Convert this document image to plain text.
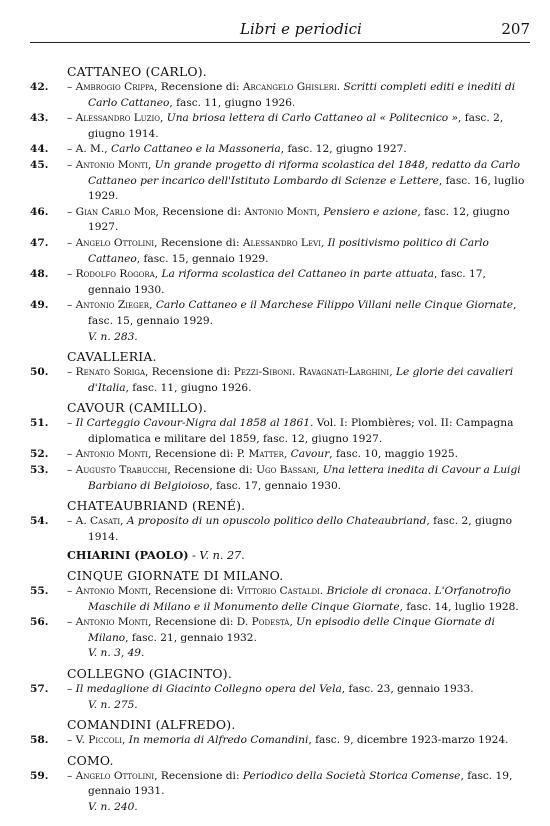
Libri e periodici	207
CATTANEO (CARLO).
42. – Ambrogio Crippa, Recensione di: Arcangelo Ghisleri. Scritti completi editi e inediti di Carlo Cattaneo, fasc. 11, giugno 1926.
43. – Alessandro Luzio, Una briosa lettera di Carlo Cattaneo al « Politecnico », fasc. 2, giugno 1914.
44. – A. M., Carlo Cattaneo e la Massoneria, fasc. 12, giugno 1927.
45. – Antonio Monti, Un grande progetto di riforma scolastica del 1848, redatto da Carlo Cattaneo per incarico dell'Istituto Lombardo di Scienze e Lettere, fasc. 16, luglio 1929.
46. – Gian Carlo Mor, Recensione di: Antonio Monti, Pensiero e azione, fasc. 12, giugno 1927.
47. – Angelo Ottolini, Recensione di: Alessandro Levi, Il positivismo politico di Carlo Cattaneo, fasc. 15, gennaio 1929.
48. – Rodolfo Rogora, La riforma scolastica del Cattaneo in parte attuata, fasc. 17, gennaio 1930.
49. – Antonio Zieger, Carlo Cattaneo e il Marchese Filippo Villani nelle Cinque Giornate, fasc. 15, gennaio 1929.
V. n. 283.
CAVALLERIA.
50. – Renato Soriga, Recensione di: Pezzi-Siboni. Ravagnati-Larghini, Le glorie dei cavalieri d'Italia, fasc. 11, giugno 1926.
CAVOUR (CAMILLO).
51. – Il Carteggio Cavour-Nigra dal 1858 al 1861. Vol. I: Plombières; vol. II: Campagna diplomatica e militare del 1859, fasc. 12, giugno 1927.
52. – Antonio Monti, Recensione di: P. Matter, Cavour, fasc. 10, maggio 1925.
53. – Augusto Trabucchi, Recensione di: Ugo Bassani, Una lettera inedita di Cavour a Luigi Barbiano di Belgioioso, fasc. 17, gennaio 1930.
CHATEAUBRIAND (RENÉ).
54. – A. Casati, A proposito di un opuscolo politico dello Chateaubriand, fasc. 2, giugno 1914.
CHIARINI (PAOLO) - V. n. 27.
CINQUE GIORNATE DI MILANO.
55. – Antonio Monti, Recensione di: Vittorio Castaldi. Briciole di cronaca. L'Orfanotrofio Maschile di Milano e il Monumento delle Cinque Giornate, fasc. 14, luglio 1928.
56. – Antonio Monti, Recensione di: D. Podestà, Un episodio delle Cinque Giornate di Milano, fasc. 21, gennaio 1932.
V. n. 3, 49.
COLLEGNO (GIACINTO).
57. – Il medaglione di Giacinto Collegno opera del Vela, fasc. 23, gennaio 1933.
V. n. 275.
COMANDINI (ALFREDO).
58. – V. Piccoli, In memoria di Alfredo Comandini, fasc. 9, dicembre 1923-marzo 1924.
COMO.
59. – Angelo Ottolini, Recensione di: Periodico della Società Storica Comense, fasc. 19, gennaio 1931.
V. n. 240.
